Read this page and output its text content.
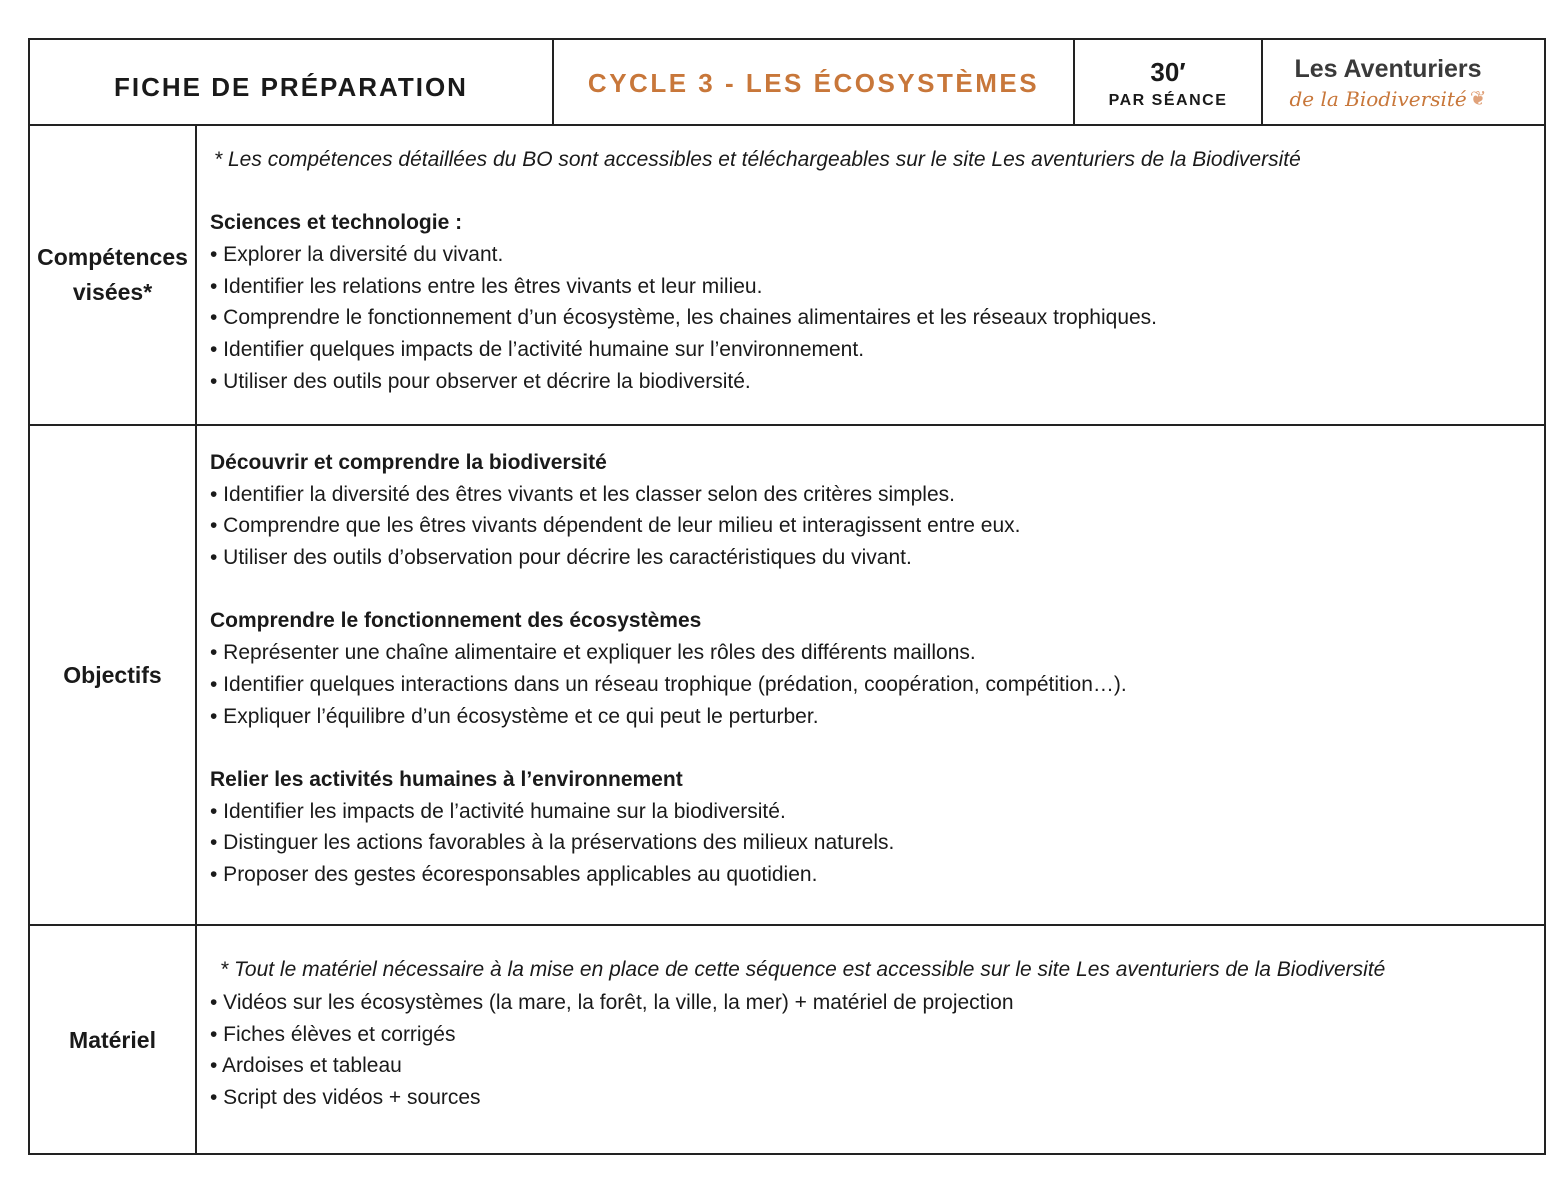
FICHE DE PRÉPARATION	CYCLE 3 - LES ÉCOSYSTÈMES	30′
PAR SÉANCE
Les Aventuriers
de la Biodiversité ❦
Compétences visées*
* Les compétences détaillées du BO sont accessibles et téléchargeables sur le site Les aventuriers de la Biodiversité
Sciences et technologie :
• Explorer la diversité du vivant.
• Identifier les relations entre les êtres vivants et leur milieu.
• Comprendre le fonctionnement d’un écosystème, les chaines alimentaires et les réseaux trophiques.
• Identifier quelques impacts de l’activité humaine sur l’environnement.
• Utiliser des outils pour observer et décrire la biodiversité.
Objectifs
Découvrir et comprendre la biodiversité
• Identifier la diversité des êtres vivants et les classer selon des critères simples.
• Comprendre que les êtres vivants dépendent de leur milieu et interagissent entre eux.
• Utiliser des outils d’observation pour décrire les caractéristiques du vivant.
Comprendre le fonctionnement des écosystèmes
• Représenter une chaîne alimentaire et expliquer les rôles des différents maillons.
• Identifier quelques interactions dans un réseau trophique (prédation, coopération, compétition…).
• Expliquer l’équilibre d’un écosystème et ce qui peut le perturber.
Relier les activités humaines à l’environnement
• Identifier les impacts de l’activité humaine sur la biodiversité.
• Distinguer les actions favorables à la préservations des milieux naturels.
• Proposer des gestes écoresponsables applicables au quotidien.
Matériel
* Tout le matériel nécessaire à la mise en place de cette séquence est accessible sur le site Les aventuriers de la Biodiversité
• Vidéos sur les écosystèmes (la mare, la forêt, la ville, la mer) + matériel de projection
• Fiches élèves et corrigés
• Ardoises et tableau
• Script des vidéos + sources
